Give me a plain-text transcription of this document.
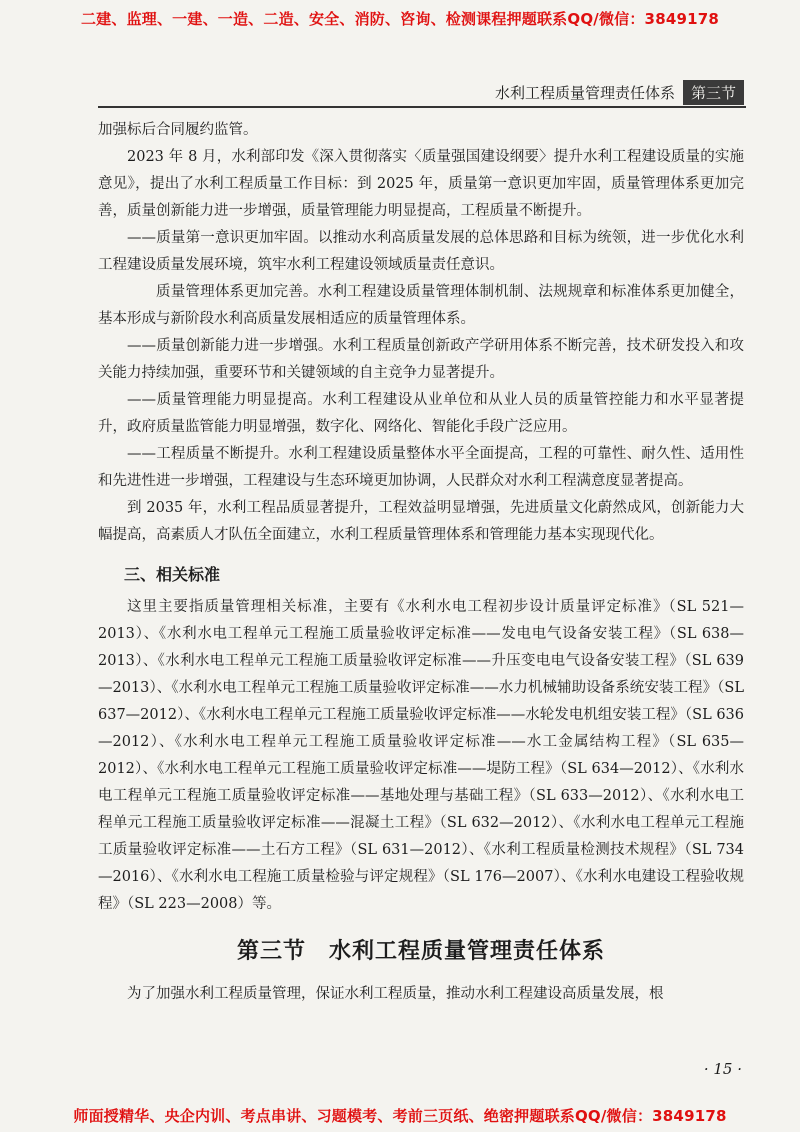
二建、监理、一建、一造、二造、安全、消防、咨询、检测课程押题联系QQ/微信：3849178
水利工程质量管理责任体系	第三节

加强标后合同履约监管。

2023 年 8 月，水利部印发《深入贯彻落实〈质量强国建设纲要〉提升水利工程建设质量的实施意见》，提出了水利工程质量工作目标：到 2025 年，质量第一意识更加牢固，质量管理体系更加完善，质量创新能力进一步增强，质量管理能力明显提高，工程质量不断提升。

——质量第一意识更加牢固。以推动水利高质量发展的总体思路和目标为统领，进一步优化水利工程建设质量发展环境，筑牢水利工程建设领域质量责任意识。

质量管理体系更加完善。水利工程建设质量管理体制机制、法规规章和标准体系更加健全，基本形成与新阶段水利高质量发展相适应的质量管理体系。

——质量创新能力进一步增强。水利工程质量创新政产学研用体系不断完善，技术研发投入和攻关能力持续加强，重要环节和关键领域的自主竞争力显著提升。

——质量管理能力明显提高。水利工程建设从业单位和从业人员的质量管控能力和水平显著提升，政府质量监管能力明显增强，数字化、网络化、智能化手段广泛应用。

——工程质量不断提升。水利工程建设质量整体水平全面提高，工程的可靠性、耐久性、适用性和先进性进一步增强，工程建设与生态环境更加协调，人民群众对水利工程满意度显著提高。

到 2035 年，水利工程品质显著提升，工程效益明显增强，先进质量文化蔚然成风，创新能力大幅提高，高素质人才队伍全面建立，水利工程质量管理体系和管理能力基本实现现代化。

三、相关标准

这里主要指质量管理相关标准，主要有《水利水电工程初步设计质量评定标准》（SL 521—2013）、《水利水电工程单元工程施工质量验收评定标准——发电电气设备安装工程》（SL 638—2013）、《水利水电工程单元工程施工质量验收评定标准——升压变电电气设备安装工程》（SL 639—2013）、《水利水电工程单元工程施工质量验收评定标准——水力机械辅助设备系统安装工程》（SL 637—2012）、《水利水电工程单元工程施工质量验收评定标准——水轮发电机组安装工程》（SL 636—2012）、《水利水电工程单元工程施工质量验收评定标准——水工金属结构工程》（SL 635—2012）、《水利水电工程单元工程施工质量验收评定标准——堤防工程》（SL 634—2012）、《水利水电工程单元工程施工质量验收评定标准——基地处理与基础工程》（SL 633—2012）、《水利水电工程单元工程施工质量验收评定标准——混凝土工程》（SL 632—2012）、《水利水电工程单元工程施工质量验收评定标准——土石方工程》（SL 631—2012）、《水利工程质量检测技术规程》（SL 734—2016）、《水利水电工程施工质量检验与评定规程》（SL 176—2007）、《水利水电建设工程验收规程》（SL 223—2008）等。

第三节　水利工程质量管理责任体系

为了加强水利工程质量管理，保证水利工程质量，推动水利工程建设高质量发展，根

· 15 ·
师面授精华、央企内训、考点串讲、习题模考、考前三页纸、绝密押题联系QQ/微信：3849178
